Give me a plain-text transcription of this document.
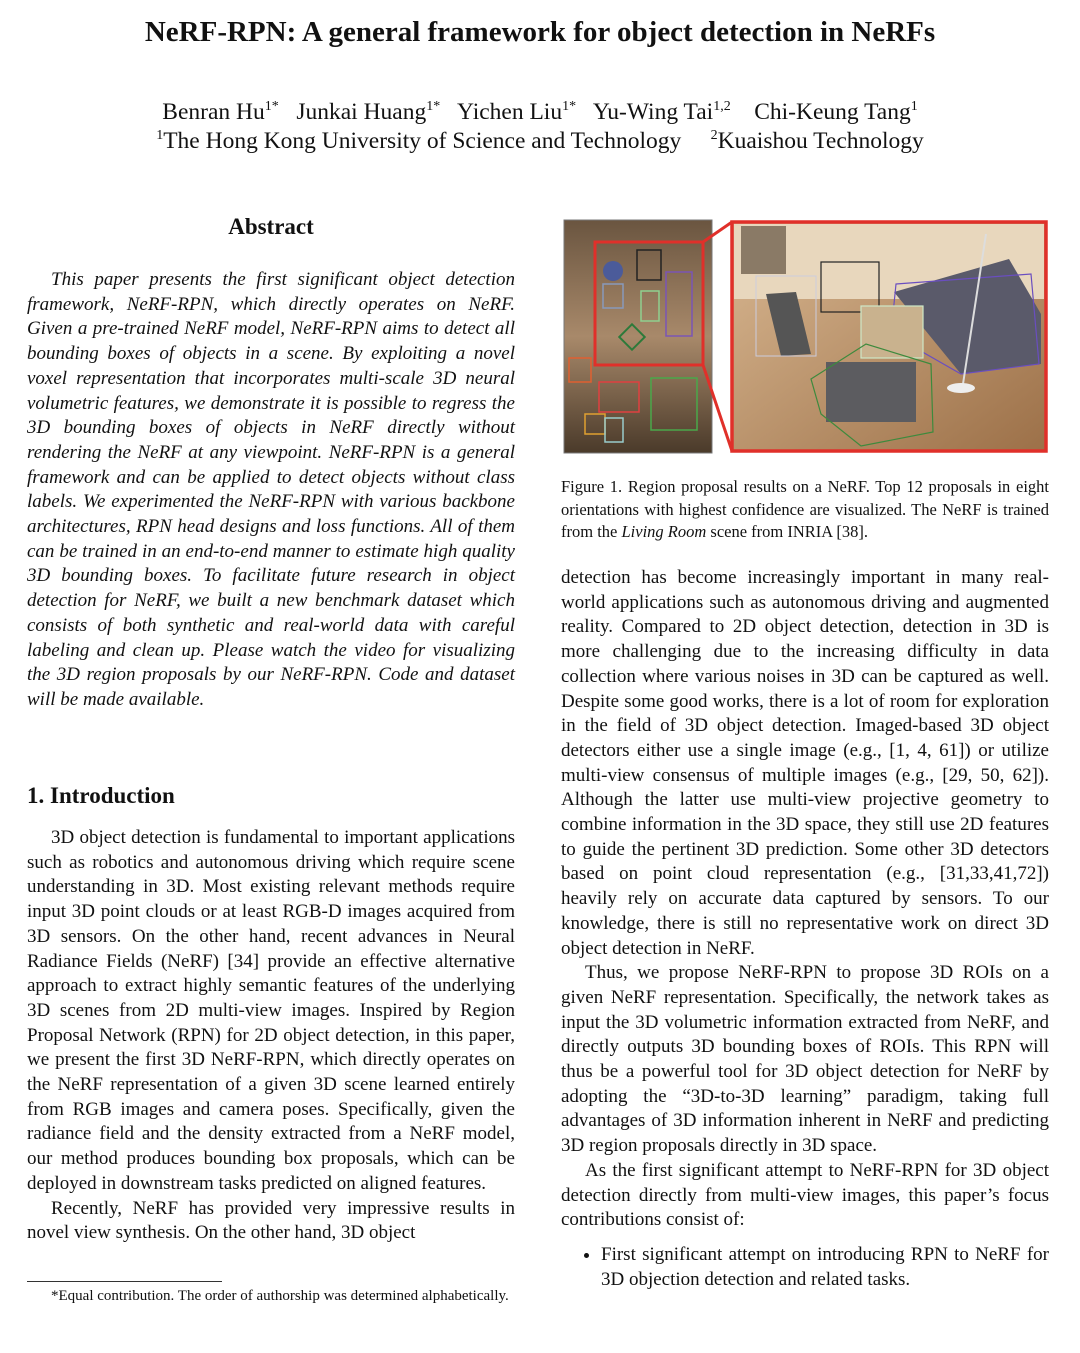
NeRF-RPN: A general framework for object detection in NeRFs
Benran $Hu^{1*}$ Junkai Huang$^{1*}$ Yichen Liu$^{1*}$ Yu-Wing Tai$^{1,2}$ Chi-Keung Tang$^1$
$^1$The Hong Kong University of Science and Technology $^2$Kuaishou Technology
Abstract

This paper presents the first significant object detection framework, NeRF-RPN, which directly operates on NeRF. Given a pre-trained NeRF model, NeRF-RPN aims to detect all bounding boxes of objects in a scene. By exploiting a novel voxel representation that incorporates multi-scale 3D neural volumetric features, we demonstrate it is possible to regress the 3D bounding boxes of objects in NeRF directly without rendering the NeRF at any viewpoint. NeRF-RPN is a general framework and can be applied to detect objects without class labels. We experimented the NeRF-RPN with various backbone architectures, RPN head designs and loss functions. All of them can be trained in an end-to-end manner to estimate high quality 3D bounding boxes. To facilitate future research in object detection for NeRF, we built a new benchmark dataset which consists of both synthetic and real-world data with careful labeling and clean up. Please watch the video for visualizing the 3D region proposals by our NeRF-RPN. Code and dataset will be made available.

1. Introduction

3D object detection is fundamental to important applications such as robotics and autonomous driving which require scene understanding in 3D. Most existing relevant methods require input 3D point clouds or at least RGB-D images acquired from 3D sensors. On the other hand, recent advances in Neural Radiance Fields (NeRF) [34] provide an effective alternative approach to extract highly semantic features of the underlying 3D scenes from 2D multi-view images. Inspired by Region Proposal Network (RPN) for 2D object detection, in this paper, we present the first 3D NeRF-RPN, which directly operates on the NeRF representation of a given 3D scene learned entirely from RGB images and camera poses. Specifically, given the radiance field and the density extracted from a NeRF model, our method produces bounding box proposals, which can be deployed in downstream tasks predicted on aligned features.

Recently, NeRF has provided very impressive results in novel view synthesis. On the other hand, 3D object

*Equal contribution. The order of authorship was determined alphabetically.

Figure 1. Region proposal results on a NeRF. Top 12 proposals in eight orientations with highest confidence are visualized. The NeRF is trained from the Living Room scene from INRIA [38].

detection has become increasingly important in many real-world applications such as autonomous driving and augmented reality. Compared to 2D object detection, detection in 3D is more challenging due to the increasing difficulty in data collection where various noises in 3D can be captured as well. Despite some good works, there is a lot of room for exploration in the field of 3D object detection. Imaged-based 3D object detectors either use a single image (e.g., [1, 4, 61]) or utilize multi-view consensus of multiple images (e.g., [29, 50, 62]). Although the latter use multi-view projective geometry to combine information in the 3D space, they still use 2D features to guide the pertinent 3D prediction. Some other 3D detectors based on point cloud representation (e.g., [31,33,41,72]) heavily rely on accurate data captured by sensors. To our knowledge, there is still no representative work on direct 3D object detection in NeRF.

Thus, we propose NeRF-RPN to propose 3D ROIs on a given NeRF representation. Specifically, the network takes as input the 3D volumetric information extracted from NeRF, and directly outputs 3D bounding boxes of ROIs. This RPN will thus be a powerful tool for 3D object detection for NeRF by adopting the “3D-to-3D learning” paradigm, taking full advantages of 3D information inherent in NeRF and predicting 3D region proposals directly in 3D space.

As the first significant attempt to NeRF-RPN for 3D object detection directly from multi-view images, this paper’s focus contributions consist of:

• First significant attempt on introducing RPN to NeRF for 3D objection detection and related tasks.
